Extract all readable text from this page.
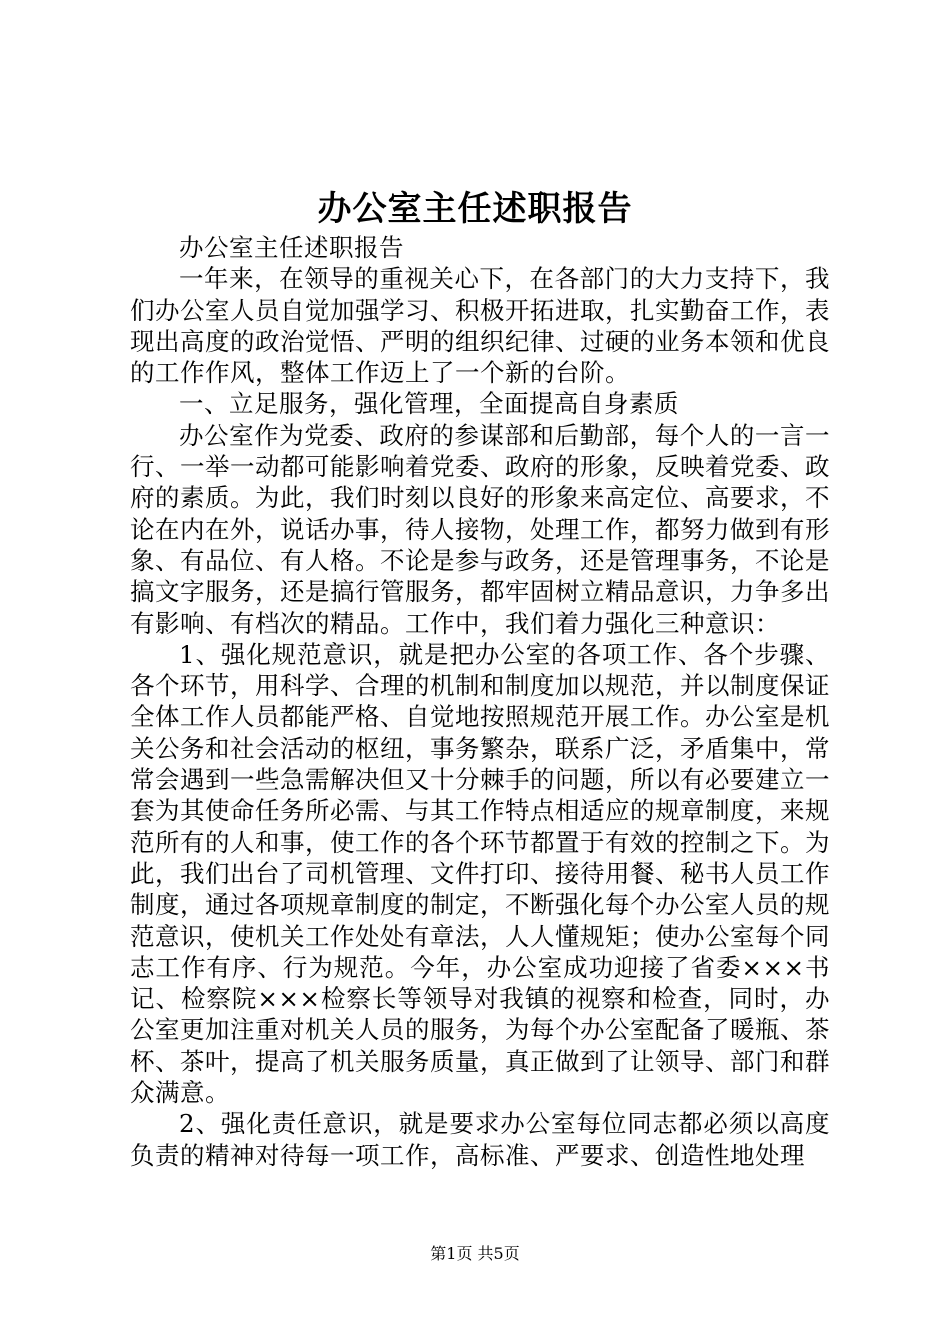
办公室主任述职报告

办公室主任述职报告

一年来，在领导的重视关心下，在各部门的大力支持下，我们办公室人员自觉加强学习、积极开拓进取，扎实勤奋工作，表现出高度的政治觉悟、严明的组织纪律、过硬的业务本领和优良的工作作风，整体工作迈上了一个新的台阶。

一、立足服务，强化管理，全面提高自身素质

办公室作为党委、政府的参谋部和后勤部，每个人的一言一行、一举一动都可能影响着党委、政府的形象，反映着党委、政府的素质。为此，我们时刻以良好的形象来高定位、高要求，不论在内在外，说话办事，待人接物，处理工作，都努力做到有形象、有品位、有人格。不论是参与政务，还是管理事务，不论是搞文字服务，还是搞行管服务，都牢固树立精品意识，力争多出有影响、有档次的精品。工作中，我们着力强化三种意识：

1、强化规范意识，就是把办公室的各项工作、各个步骤、各个环节，用科学、合理的机制和制度加以规范，并以制度保证全体工作人员都能严格、自觉地按照规范开展工作。办公室是机关公务和社会活动的枢纽，事务繁杂，联系广泛，矛盾集中，常常会遇到一些急需解决但又十分棘手的问题，所以有必要建立一套为其使命任务所必需、与其工作特点相适应的规章制度，来规范所有的人和事，使工作的各个环节都置于有效的控制之下。为此，我们出台了司机管理、文件打印、接待用餐、秘书人员工作制度，通过各项规章制度的制定，不断强化每个办公室人员的规范意识，使机关工作处处有章法，人人懂规矩；使办公室每个同志工作有序、行为规范。今年，办公室成功迎接了省委×××书记、检察院×××检察长等领导对我镇的视察和检查，同时，办公室更加注重对机关人员的服务，为每个办公室配备了暖瓶、茶杯、茶叶，提高了机关服务质量，真正做到了让领导、部门和群众满意。

2、强化责任意识，就是要求办公室每位同志都必须以高度负责的精神对待每一项工作，高标准、严要求、创造性地处理

第1页 共5页
